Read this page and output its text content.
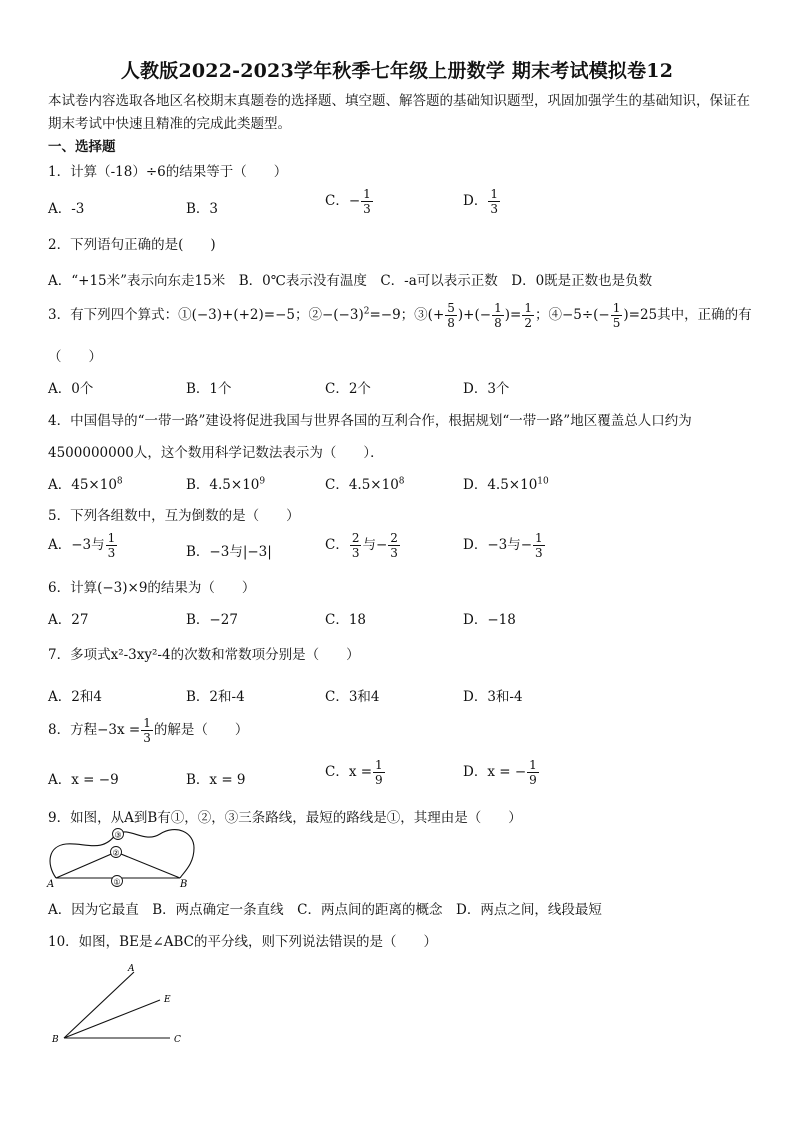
人教版2022-2023学年秋季七年级上册数学 期末考试模拟卷12
本试卷内容选取各地区名校期末真题卷的选择题、填空题、解答题的基础知识题型，巩固加强学生的基础知识，保证在期末考试中快速且精准的完成此类题型。
一、选择题
1．计算（-18）÷6的结果等于（　　）
A．-3	B．3	C．− $\frac{1}{3}$	D． $\frac{1}{3}$
2．下列语句正确的是(　　)
A．“+15米”表示向东走15米　B．0℃表示没有温度　C．-a可以表示正数　D．0既是正数也是负数
3．有下列四个算式：①(−3)+(+2)=−5；$②-(-3)^2=-9$；③(+ $\frac{5}{8}$ )+(− $\frac{1}{8}$ )= $\frac{1}{2}$ ；④−5÷(− $\frac{1}{5} )=25$其中，正确的有
（　　）
A．0个	B．1个	C．2个	D．3个
4．中国倡导的“一带一路”建设将促进我国与世界各国的互利合作，根据规划“一带一路”地区覆盖总人口约为
4500000000人，这个数用科学记数法表示为（　　）．
A．$45\times 10^8$	B．$4.5\times 10^9$	C．$4.5\times 10^8$	D．$4.5\times 10^{10}$
5．下列各组数中，互为倒数的是（　　）
A．−3与 $\frac{1}{3}$	B．−3与|−3|	C． $\frac{2}{3}$ 与− $\frac{2}{3}$	D．−3与− $\frac{1}{3}$
6．计算(−3)×9的结果为（　　）
A．27	B．−27	C．18	D．−18
7．多项式x²-3xy²-4的次数和常数项分别是（　　）
A．2和4	B．2和-4	C．3和4	D．3和-4
8．方程$-3x = \frac{1}{3}$ 的解是（　　）
A．x = −9	B．x = 9	C．$x = \frac{1}{9}$	D．x = − $\frac{1}{9}$
9．如图，从A到B有①，②，③三条路线，最短的路线是①，其理由是（　　）
①
②
③
A	B
A．因为它最直　B．两点确定一条直线　C．两点间的距离的概念　D．两点之间，线段最短
10．如图，BE是∠ABC的平分线，则下列说法错误的是（　　）
A
E
B	C
